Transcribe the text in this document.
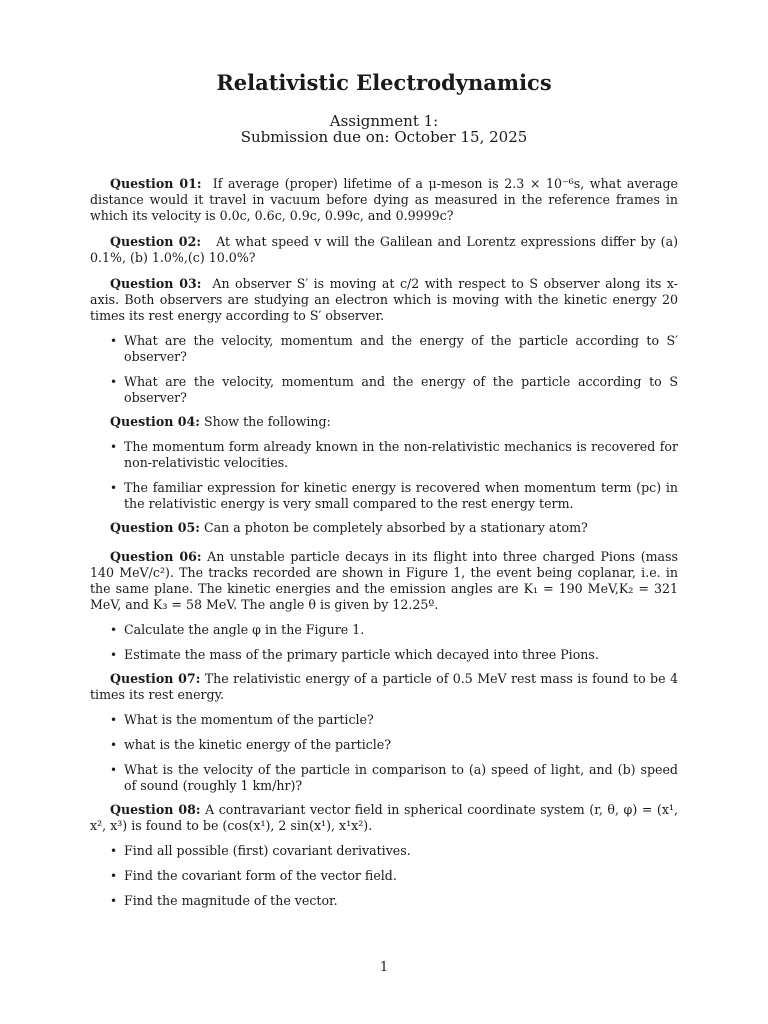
Relativistic Electrodynamics

Assignment 1:

Submission due on: October 15, 2025

Question 01: If average (proper) lifetime of a μ-meson is 2.3 × 10⁻⁶s, what average distance would it travel in vacuum before dying as measured in the reference frames in which its velocity is 0.0c, 0.6c, 0.9c, 0.99c, and 0.9999c?

Question 02: At what speed v will the Galilean and Lorentz expressions differ by (a) 0.1%, (b) 1.0%,(c) 10.0%?

Question 03: An observer S′ is moving at c/2 with respect to S observer along its x-axis. Both observers are studying an electron which is moving with the kinetic energy 20 times its rest energy according to S′ observer.

• What are the velocity, momentum and the energy of the particle according to S′ observer?
• What are the velocity, momentum and the energy of the particle according to S observer?

Question 04: Show the following:

• The momentum form already known in the non-relativistic mechanics is recovered for non-relativistic velocities.
• The familiar expression for kinetic energy is recovered when momentum term (pc) in the relativistic energy is very small compared to the rest energy term.

Question 05: Can a photon be completely absorbed by a stationary atom?

Question 06: An unstable particle decays in its flight into three charged Pions (mass 140 MeV/c²). The tracks recorded are shown in Figure 1, the event being coplanar, i.e. in the same plane. The kinetic energies and the emission angles are K₁ = 190 MeV,K₂ = 321 MeV, and K₃ = 58 MeV. The angle θ is given by 12.25º.

• Calculate the angle φ in the Figure 1.
• Estimate the mass of the primary particle which decayed into three Pions.

Question 07: The relativistic energy of a particle of 0.5 MeV rest mass is found to be 4 times its rest energy.

• What is the momentum of the particle?
• what is the kinetic energy of the particle?
• What is the velocity of the particle in comparison to (a) speed of light, and (b) speed of sound (roughly 1 km/hr)?

Question 08: A contravariant vector field in spherical coordinate system (r, θ, φ) = (x¹, x², x³) is found to be (cos(x¹), 2 sin(x¹), x¹x²).

• Find all possible (first) covariant derivatives.
• Find the covariant form of the vector field.
• Find the magnitude of the vector.
1
